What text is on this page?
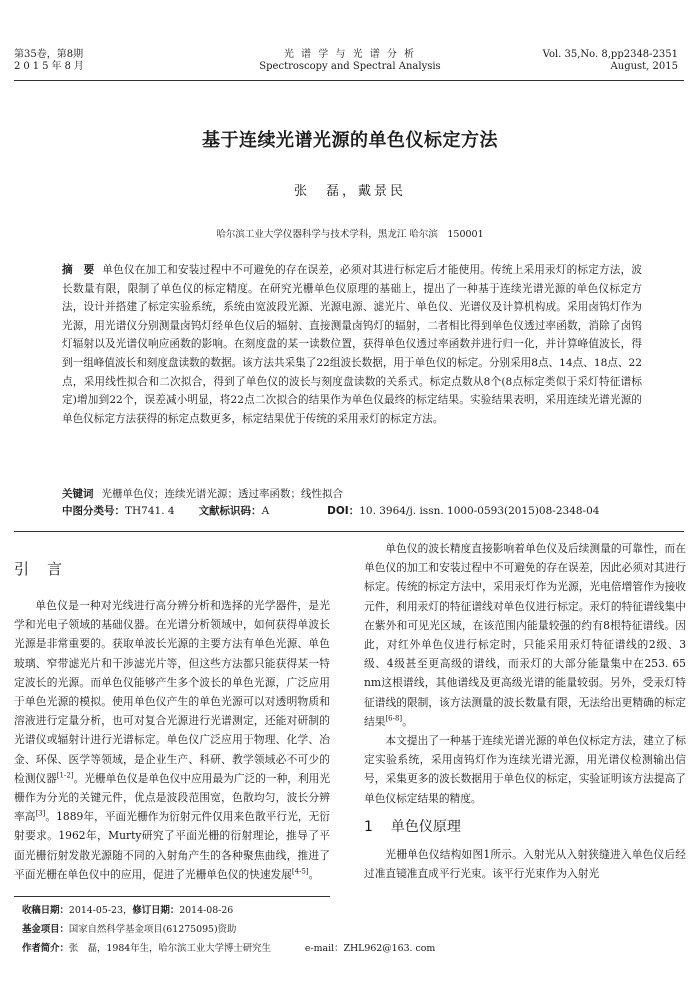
第35卷，第8期
2015年8月
光 谱 学 与 光 谱 分 析
Spectroscopy and Spectral Analysis
Vol. 35,No. 8,pp2348-2351
August, 2015
基于连续光谱光源的单色仪标定方法
张　磊，戴景民
哈尔滨工业大学仪器科学与技术学科，黑龙江 哈尔滨　150001
摘　要 单色仪在加工和安装过程中不可避免的存在误差，必须对其进行标定后才能使用。传统上采用汞灯的标定方法，波长数量有限，限制了单色仪的标定精度。在研究光栅单色仪原理的基础上，提出了一种基于连续光谱光源的单色仪标定方法，设计并搭建了标定实验系统，系统由宽波段光源、光源电源、滤光片、单色仪、光谱仪及计算机构成。采用卤钨灯作为光源，用光谱仪分别测量卤钨灯经单色仪后的辐射、直接测量卤钨灯的辐射，二者相比得到单色仪透过率函数，消除了卤钨灯辐射以及光谱仪响应函数的影响。在刻度盘的某一读数位置，获得单色仪透过率函数并进行归一化，并计算峰值波长，得到一组峰值波长和刻度盘读数的数据。该方法共采集了22组波长数据，用于单色仪的标定。分别采用8点、14点、18点、22点，采用线性拟合和二次拟合，得到了单色仪的波长与刻度盘读数的关系式。标定点数从8个(8点标定类似于采灯特征谱标定)增加到22个，误差减小明显，将22点二次拟合的结果作为单色仪最终的标定结果。实验结果表明，采用连续光谱光源的单色仪标定方法获得的标定点数更多，标定结果优于传统的采用汞灯的标定方法。
关键词 光栅单色仪；连续光谱光源；透过率函数；线性拟合
中图分类号：TH741. 4 文献标识码：A	DOI：10. 3964/j. issn. 1000-0593(2015)08-2348-04
引言

单色仪是一种对光线进行高分辨分析和选择的光学器件，是光学和光电子领域的基础仪器。在光谱分析领域中，如何获得单波长光源是非常重要的。获取单波长光源的主要方法有单色光源、单色玻璃、窄带滤光片和干涉滤光片等，但这些方法都只能获得某一特定波长的光源。而单色仪能够产生多个波长的单色光源，广泛应用于单色光源的模拟。使用单色仪产生的单色光源可以对透明物质和溶液进行定量分析，也可对复合光源进行光谱测定，还能对研制的光谱仪或辐射计进行光谱标定。单色仪广泛应用于物理、化学、冶金、环保、医学等领域，是企业生产、科研、教学领域必不可少的检测仪器[1-2]。光栅单色仪是单色仪中应用最为广泛的一种，利用光栅作为分光的关键元件，优点是波段范围宽，色散均匀，波长分辨率高[3]。1889年，平面光栅作为衍射元件仅用来色散平行光，无衍射要求。1962年，Murty研究了平面光栅的衍射理论，推导了平面光栅衍射发散光源随不同的入射角产生的各种聚焦曲线，推进了平面光栅在单色仪中的应用，促进了光栅单色仪的快速发展[4-5]。

单色仪的波长精度直接影响着单色仪及后续测量的可靠性，而在单色仪的加工和安装过程中不可避免的存在误差，因此必须对其进行标定。传统的标定方法中，采用汞灯作为光源，光电倍增管作为接收元件，利用汞灯的特征谱线对单色仪进行标定。汞灯的特征谱线集中在紫外和可见光区域，在该范围内能量较强的约有8根特征谱线。因此，对红外单色仪进行标定时，只能采用汞灯特征谱线的2级、3级、4级甚至更高级的谱线，而汞灯的大部分能量集中在253. 65 nm这根谱线，其他谱线及更高级光谱的能量较弱。另外，受汞灯特征谱线的限制，该方法测量的波长数量有限，无法给出更精确的标定结果[6-8]。

本文提出了一种基于连续光谱光源的单色仪标定方法，建立了标定实验系统，采用卤钨灯作为连续光谱光源，用光谱仪检测输出信号，采集更多的波长数据用于单色仪的标定，实验证明该方法提高了单色仪标定结果的精度。

1 单色仪原理

光栅单色仪结构如图1所示。入射光从入射狭缝进入单色仪后经过准直镜准直成平行光束。该平行光束作为入射光

收稿日期：2014-05-23，修订日期：2014-08-26
基金项目：国家自然科学基金项目(61275095)资助
作者简介：张　磊，1984年生，哈尔滨工业大学博士研究生	e-mail：ZHL962@163. com
